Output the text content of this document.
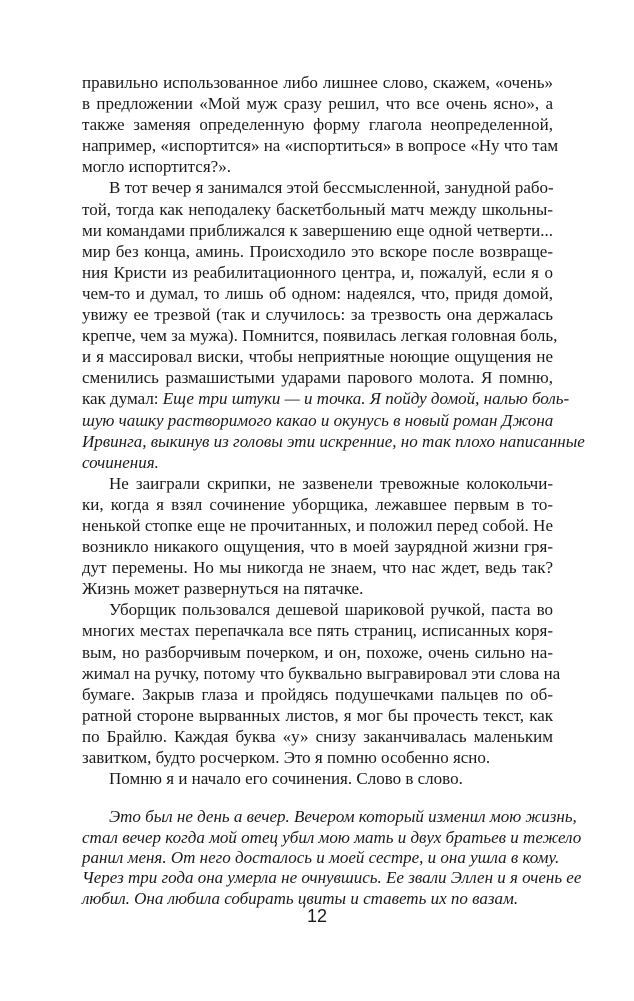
правильно использованное либо лишнее слово, скажем, «очень»
в предложении «Мой муж сразу решил, что все очень ясно», а
также заменяя определенную форму глагола неопределенной,
например, «испортится» на «испортиться» в вопросе «Ну что там
могло испортится?».
В тот вечер я занимался этой бессмысленной, занудной рабо-
той, тогда как неподалеку баскетбольный матч между школьны-
ми командами приближался к завершению еще одной четверти...
мир без конца, аминь. Происходило это вскоре после возвраще-
ния Кристи из реабилитационного центра, и, пожалуй, если я о
чем-то и думал, то лишь об одном: надеялся, что, придя домой,
увижу ее трезвой (так и случилось: за трезвость она держалась
крепче, чем за мужа). Помнится, появилась легкая головная боль,
и я массировал виски, чтобы неприятные ноющие ощущения не
сменились размашистыми ударами парового молота. Я помню,
как думал: Еще три штуки — и точка. Я пойду домой, налью боль-
шую чашку растворимого какао и окунусь в новый роман Джона
Ирвинга, выкинув из головы эти искренние, но так плохо написанные
сочинения.
Не заиграли скрипки, не зазвенели тревожные колокольчи-
ки, когда я взял сочинение уборщика, лежавшее первым в то-
ненькой стопке еще не прочитанных, и положил перед собой. Не
возникло никакого ощущения, что в моей заурядной жизни гря-
дут перемены. Но мы никогда не знаем, что нас ждет, ведь так?
Жизнь может развернуться на пятачке.
Уборщик пользовался дешевой шариковой ручкой, паста во
многих местах перепачкала все пять страниц, исписанных коря-
вым, но разборчивым почерком, и он, похоже, очень сильно на-
жимал на ручку, потому что буквально выгравировал эти слова на
бумаге. Закрыв глаза и пройдясь подушечками пальцев по об-
ратной стороне вырванных листов, я мог бы прочесть текст, как
по Брайлю. Каждая буква «у» снизу заканчивалась маленьким
завитком, будто росчерком. Это я помню особенно ясно.
Помню я и начало его сочинения. Слово в слово.
Это был не день а вечер. Вечером который изменил мою жизнь,
стал вечер когда мой отец убил мою мать и двух братьев и тежело
ранил меня. От него досталось и моей сестре, и она ушла в кому.
Через три года она умерла не очнувшись. Ее звали Эллен и я очень ее
любил. Она любила собирать цвиты и ставеть их по вазам.
12
